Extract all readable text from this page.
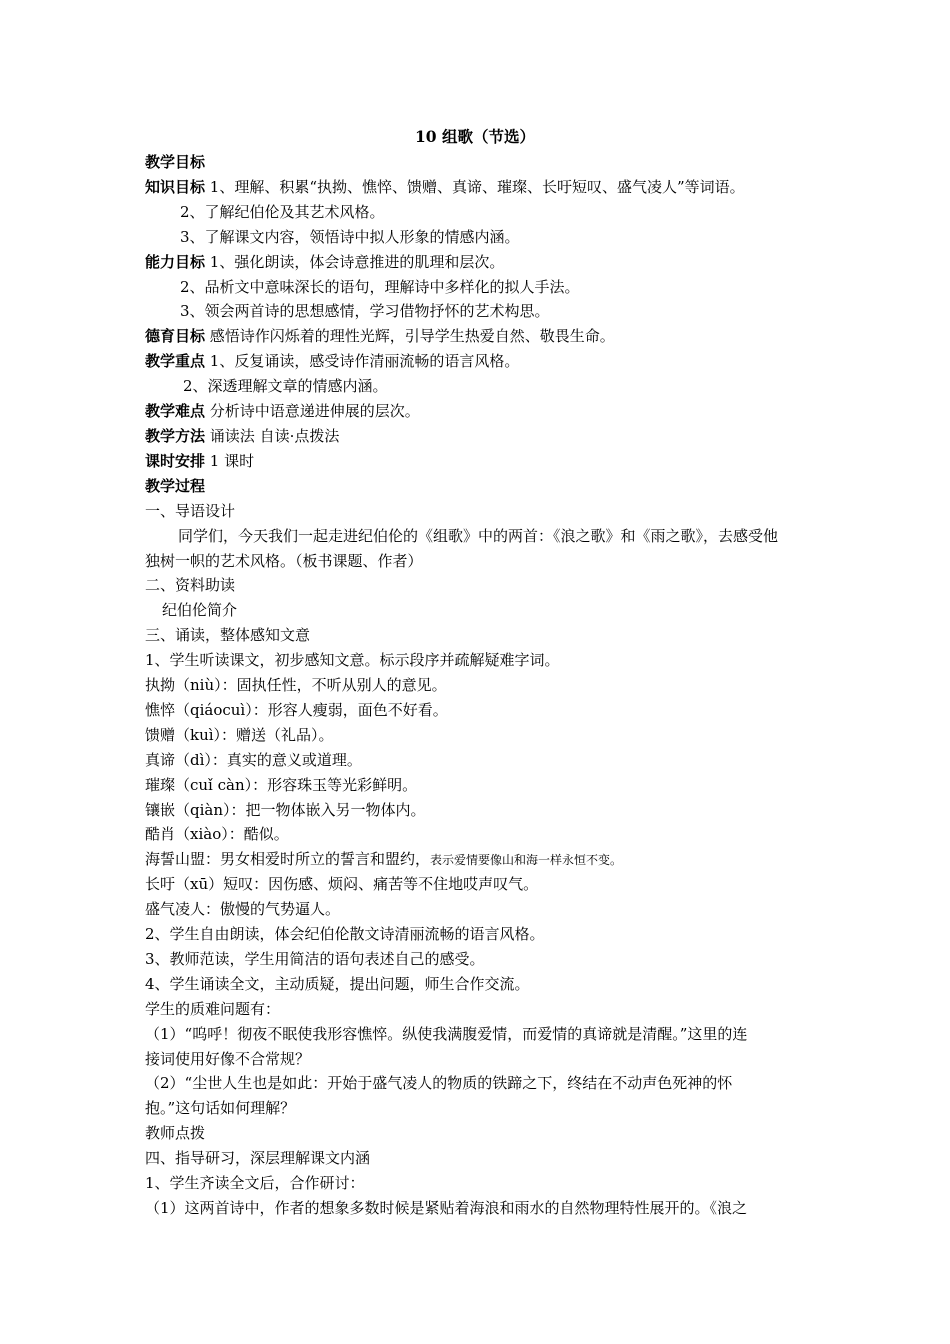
10 组歌（节选）
教学目标
知识目标 1、理解、积累“执拗、憔悴、馈赠、真谛、璀璨、长吁短叹、盛气凌人”等词语。
2、了解纪伯伦及其艺术风格。
3、了解课文内容，领悟诗中拟人形象的情感内涵。
能力目标 1、强化朗读，体会诗意推进的肌理和层次。
2、品析文中意味深长的语句，理解诗中多样化的拟人手法。
3、领会两首诗的思想感情，学习借物抒怀的艺术构思。
德育目标 感悟诗作闪烁着的理性光辉，引导学生热爱自然、敬畏生命。
教学重点 1、反复诵读，感受诗作清丽流畅的语言风格。
2、深透理解文章的情感内涵。
教学难点 分析诗中语意递进伸展的层次。
教学方法 诵读法 自读·点拨法
课时安排 1 课时
教学过程
一、导语设计
同学们，今天我们一起走进纪伯伦的《组歌》中的两首：《浪之歌》和《雨之歌》，去感受他
独树一帜的艺术风格。（板书课题、作者）
二、资料助读
纪伯伦简介
三、诵读，整体感知文意
1、学生听读课文，初步感知文意。标示段序并疏解疑难字词。
执拗（niù）：固执任性，不听从别人的意见。
憔悴（qiáocuì）：形容人瘦弱，面色不好看。
馈赠（kuì）：赠送（礼品）。
真谛（dì）：真实的意义或道理。
璀璨（cuǐ càn）：形容珠玉等光彩鲜明。
镶嵌（qiàn）：把一物体嵌入另一物体内。
酷肖（xiào）：酷似。
海誓山盟：男女相爱时所立的誓言和盟约，表示爱情要像山和海一样永恒不变。
长吁（xū）短叹：因伤感、烦闷、痛苦等不住地哎声叹气。
盛气凌人：傲慢的气势逼人。
2、学生自由朗读，体会纪伯伦散文诗清丽流畅的语言风格。
3、教师范读，学生用简洁的语句表述自己的感受。
4、学生诵读全文，主动质疑，提出问题，师生合作交流。
学生的质难问题有：
（1）“呜呼！彻夜不眠使我形容憔悴。纵使我满腹爱情，而爱情的真谛就是清醒。”这里的连
接词使用好像不合常规？
（2）“尘世人生也是如此：开始于盛气凌人的物质的铁蹄之下，终结在不动声色死神的怀
抱。”这句话如何理解？
教师点拨
四、指导研习，深层理解课文内涵
1、学生齐读全文后，合作研讨：
（1）这两首诗中，作者的想象多数时候是紧贴着海浪和雨水的自然物理特性展开的。《浪之
